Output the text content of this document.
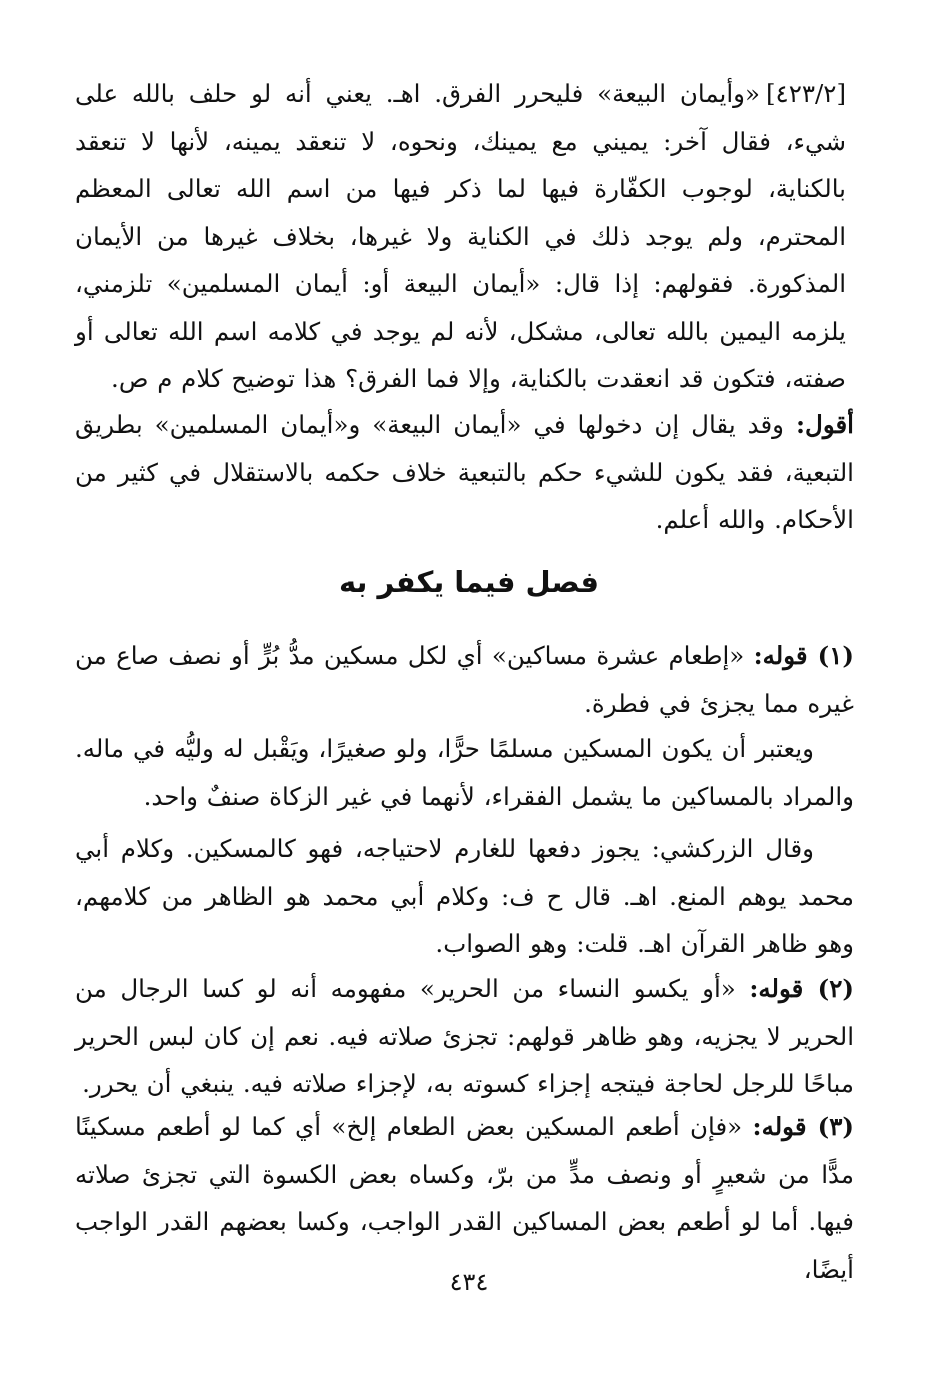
[٤٢٣/٢]«وأيمان البيعة» فليحرر الفرق. اهـ. يعني أنه لو حلف بالله على شيء، فقال آخر: يميني مع يمينك، ونحوه، لا تنعقد يمينه، لأنها لا تنعقد بالكناية، لوجوب الكفّارة فيها لما ذكر فيها من اسم الله تعالى المعظم المحترم، ولم يوجد ذلك في الكناية ولا غيرها، بخلاف غيرها من الأيمان المذكورة. فقولهم: إذا قال: «أيمان البيعة أو: أيمان المسلمين» تلزمني، يلزمه اليمين بالله تعالى، مشكل، لأنه لم يوجد في كلامه اسم الله تعالى أو صفته، فتكون قد انعقدت بالكناية، وإلا فما الفرق؟ هذا توضيح كلام م ص.

أقول: وقد يقال إن دخولها في «أيمان البيعة» و«أيمان المسلمين» بطريق التبعية، فقد يكون للشيء حكم بالتبعية خلاف حكمه بالاستقلال في كثير من الأحكام. والله أعلم.

فصل فيما يكفر به

(١) قوله: «إطعام عشرة مساكين» أي لكل مسكين مدُّ بُرٍّ أو نصف صاع من غيره مما يجزئ في فطرة.

ويعتبر أن يكون المسكين مسلمًا حرًّا، ولو صغيرًا، ويَقْبل له وليُّه في ماله. والمراد بالمساكين ما يشمل الفقراء، لأنهما في غير الزكاة صنفٌ واحد.

وقال الزركشي: يجوز دفعها للغارم لاحتياجه، فهو كالمسكين. وكلام أبي محمد يوهم المنع. اهـ. قال ح ف: وكلام أبي محمد هو الظاهر من كلامهم، وهو ظاهر القرآن اهـ. قلت: وهو الصواب.

(٢) قوله: «أو يكسو النساء من الحرير» مفهومه أنه لو كسا الرجال من الحرير لا يجزيه، وهو ظاهر قولهم: تجزئ صلاته فيه. نعم إن كان لبس الحرير مباحًا للرجل لحاجة فيتجه إجزاء كسوته به، لإجزاء صلاته فيه. ينبغي أن يحرر.

(٣) قوله: «فإن أطعم المسكين بعض الطعام إلخ» أي كما لو أطعم مسكينًا مدًّا من شعيرٍ أو ونصف مدٍّ من برّ، وكساه بعض الكسوة التي تجزئ صلاته فيها. أما لو أطعم بعض المساكين القدر الواجب، وكسا بعضهم القدر الواجب أيضًا،

٤٣٤
